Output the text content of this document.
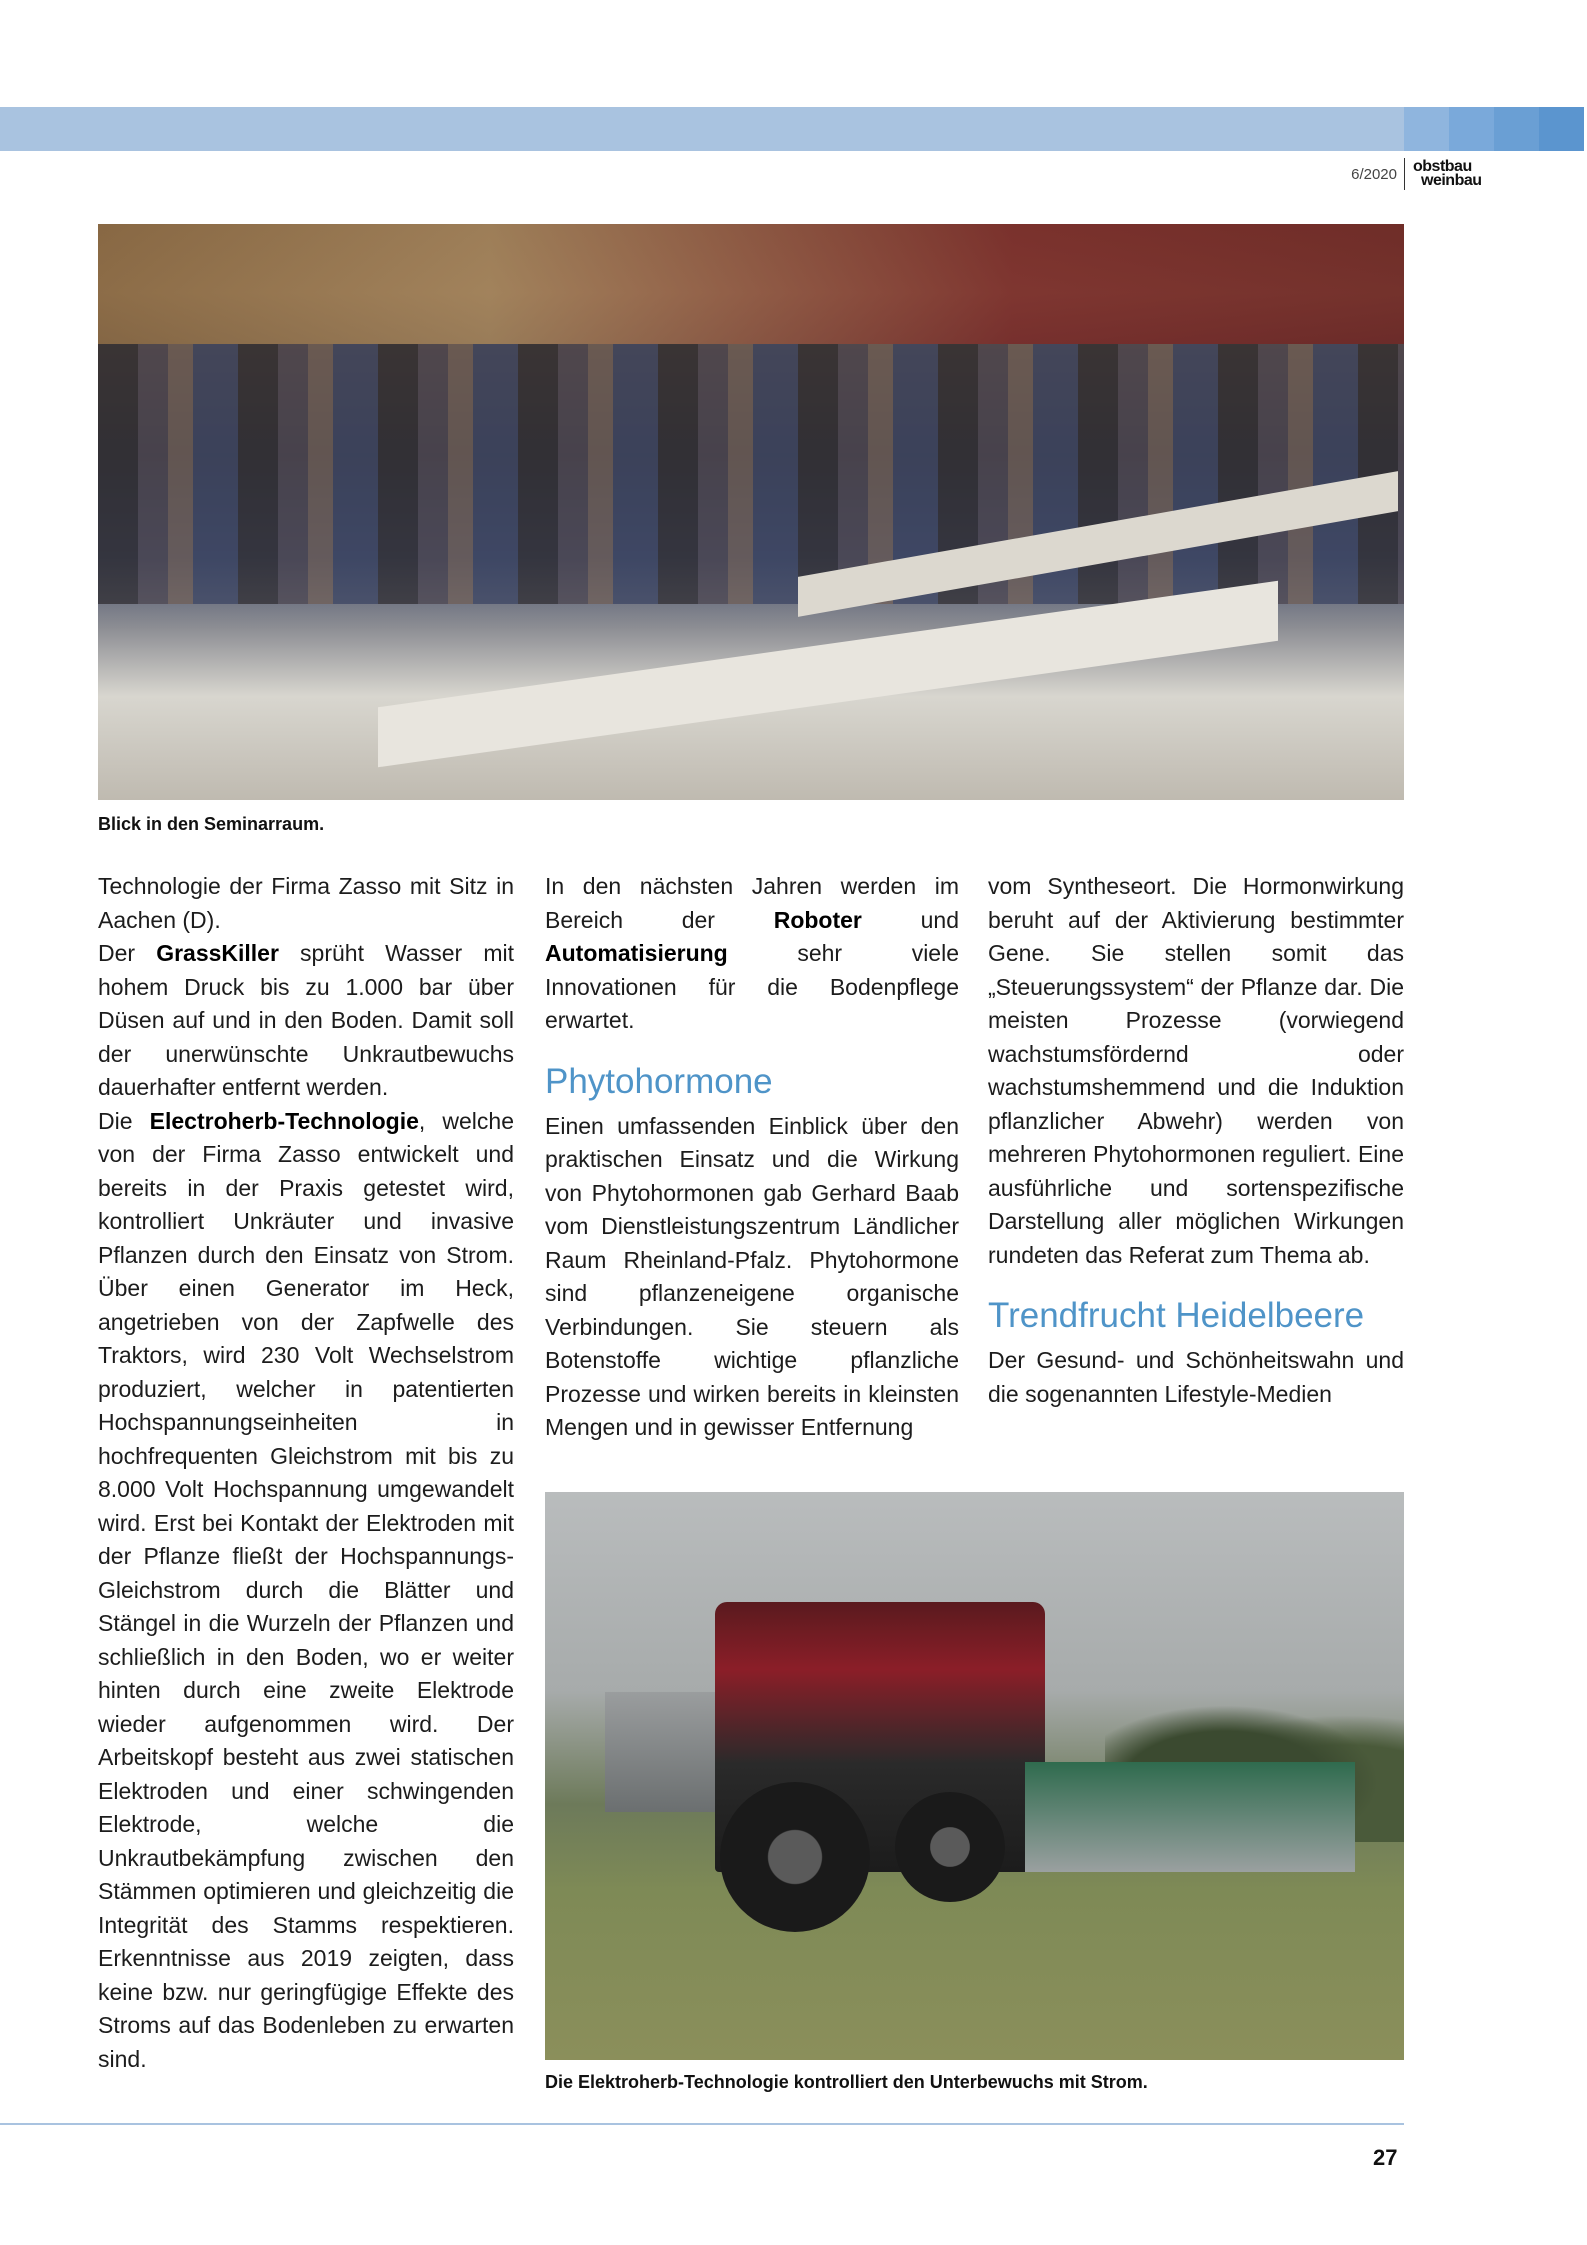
6/2020 obstbau
weinbau
Blick in den Seminarraum.

Technologie der Firma Zasso mit Sitz in Aachen (D).

Der GrassKiller sprüht Wasser mit hohem Druck bis zu 1.000 bar über Düsen auf und in den Boden. Damit soll der unerwünschte Unkrautbewuchs dauerhafter entfernt werden.

Die Electroherb-Technologie, welche von der Firma Zasso entwickelt und bereits in der Praxis getestet wird, kontrolliert Unkräuter und invasive Pflanzen durch den Einsatz von Strom. Über einen Generator im Heck, angetrieben von der Zapfwelle des Traktors, wird 230 Volt Wechselstrom produziert, welcher in patentierten Hochspannungseinheiten in hochfrequenten Gleichstrom mit bis zu 8.000 Volt Hochspannung umgewandelt wird. Erst bei Kontakt der Elektroden mit der Pflanze fließt der Hochspannungs-Gleichstrom durch die Blätter und Stängel in die Wurzeln der Pflanzen und schließlich in den Boden, wo er weiter hinten durch eine zweite Elektrode wieder aufgenommen wird. Der Arbeitskopf besteht aus zwei statischen Elektroden und einer schwingenden Elektrode, welche die Unkrautbekämpfung zwischen den Stämmen optimieren und gleichzeitig die Integrität des Stamms respektieren. Erkenntnisse aus 2019 zeigten, dass keine bzw. nur geringfügige Effekte des Stroms auf das Bodenleben zu erwarten sind.

In den nächsten Jahren werden im Bereich der Roboter und Automatisierung sehr viele Innovationen für die Bodenpflege erwartet.

Phytohormone

Einen umfassenden Einblick über den praktischen Einsatz und die Wirkung von Phytohormonen gab Gerhard Baab vom Dienstleistungszentrum Ländlicher Raum Rheinland-Pfalz. Phytohormone sind pflanzeneigene organische Verbindungen. Sie steuern als Botenstoffe wichtige pflanzliche Prozesse und wirken bereits in kleinsten Mengen und in gewisser Entfernung

vom Syntheseort. Die Hormonwirkung beruht auf der Aktivierung bestimmter Gene. Sie stellen somit das „Steuerungssystem“ der Pflanze dar. Die meisten Prozesse (vorwiegend wachstumsfördernd oder wachstumshemmend und die Induktion pflanzlicher Abwehr) werden von mehreren Phytohormonen reguliert. Eine ausführliche und sortenspezifische Darstellung aller möglichen Wirkungen rundeten das Referat zum Thema ab.

Trendfrucht Heidelbeere

Der Gesund- und Schönheitswahn und die sogenannten Lifestyle-Medien

Die Elektroherb-Technologie kontrolliert den Unterbewuchs mit Strom.
27
